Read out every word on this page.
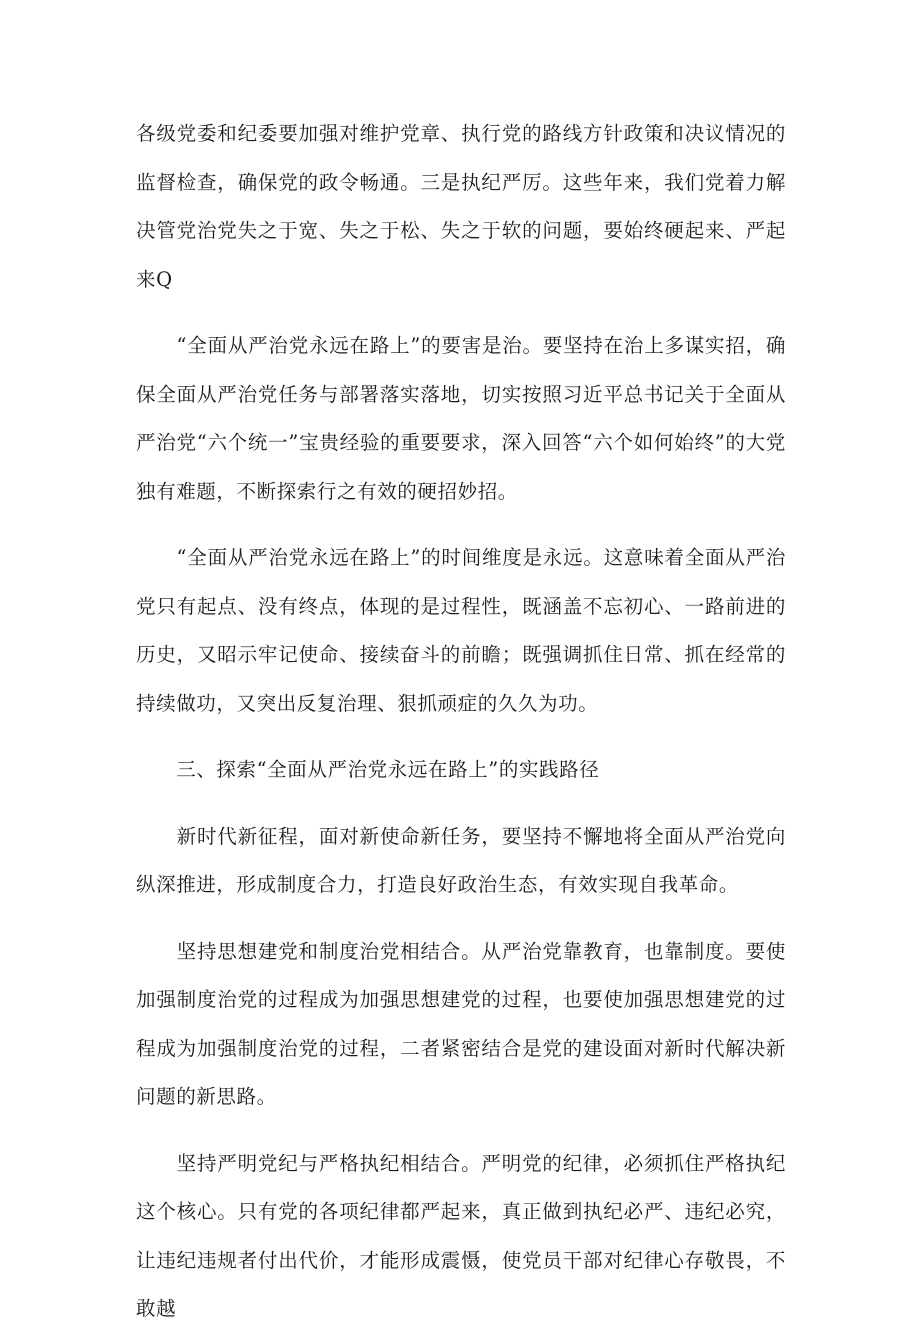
各级党委和纪委要加强对维护党章、执行党的路线方针政策和决议情况的监督检查，确保党的政令畅通。三是执纪严厉。这些年来，我们党着力解决管党治党失之于宽、失之于松、失之于软的问题，要始终硬起来、严起来Q

　　“全面从严治党永远在路上”的要害是治。要坚持在治上多谋实招，确保全面从严治党任务与部署落实落地，切实按照习近平总书记关于全面从严治党“六个统一”宝贵经验的重要要求，深入回答“六个如何始终”的大党独有难题，不断探索行之有效的硬招妙招。

　　“全面从严治党永远在路上”的时间维度是永远。这意味着全面从严治党只有起点、没有终点，体现的是过程性，既涵盖不忘初心、一路前进的历史，又昭示牢记使命、接续奋斗的前瞻；既强调抓住日常、抓在经常的持续做功，又突出反复治理、狠抓顽症的久久为功。

　　三、探索“全面从严治党永远在路上”的实践路径

　　新时代新征程，面对新使命新任务，要坚持不懈地将全面从严治党向纵深推进，形成制度合力，打造良好政治生态，有效实现自我革命。

　　坚持思想建党和制度治党相结合。从严治党靠教育，也靠制度。要使加强制度治党的过程成为加强思想建党的过程，也要使加强思想建党的过程成为加强制度治党的过程，二者紧密结合是党的建设面对新时代解决新问题的新思路。

　　坚持严明党纪与严格执纪相结合。严明党的纪律，必须抓住严格执纪这个核心。只有党的各项纪律都严起来，真正做到执纪必严、违纪必究，让违纪违规者付出代价，才能形成震慑，使党员干部对纪律心存敬畏，不敢越
